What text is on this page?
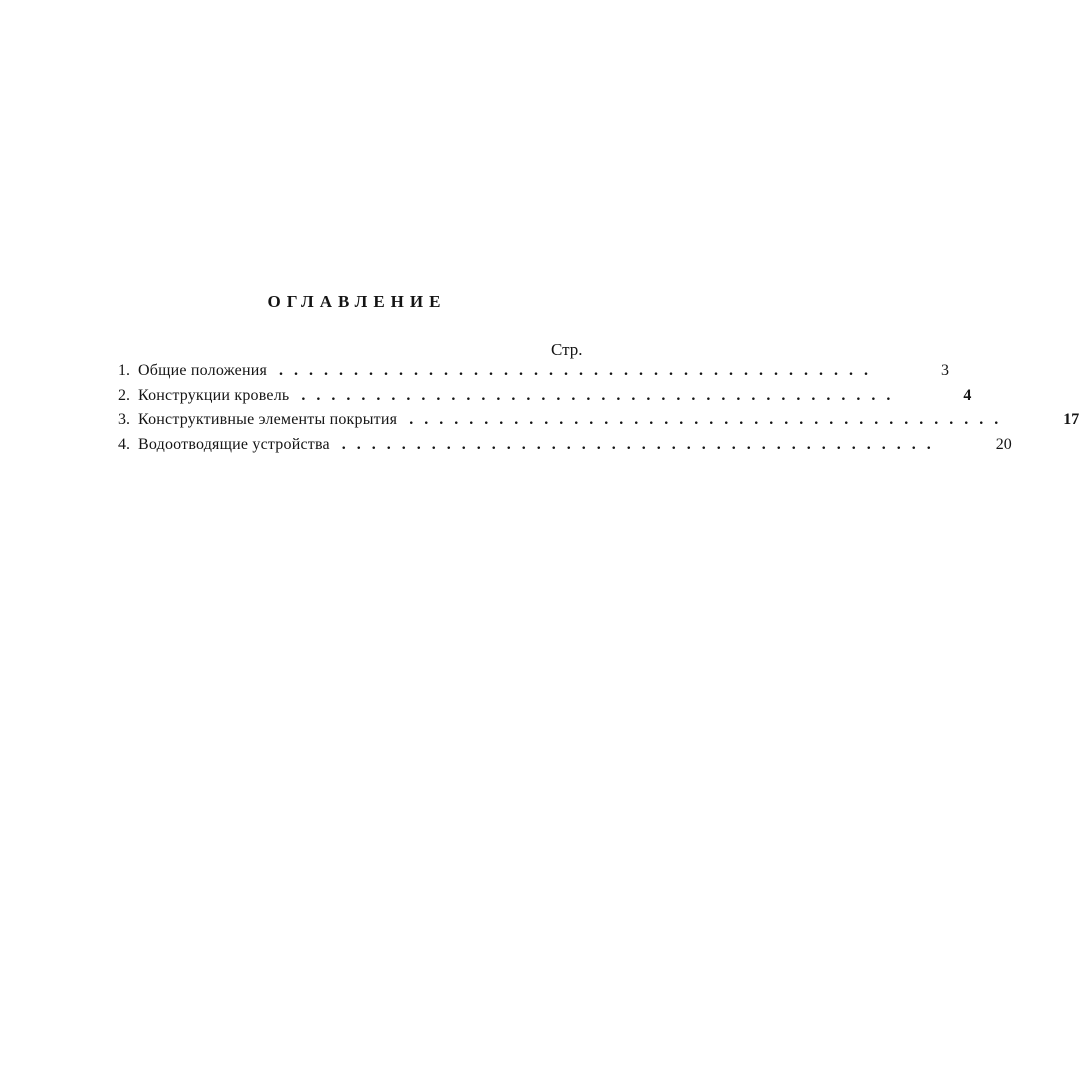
ОГЛАВЛЕНИЕ
Стр.
1. Общие положения ........................................	3
2. Конструкции кровель ........................................	4
3. Конструктивные элементы покрытия ........................................	17
4. Водоотводящие устройства ........................................	20
